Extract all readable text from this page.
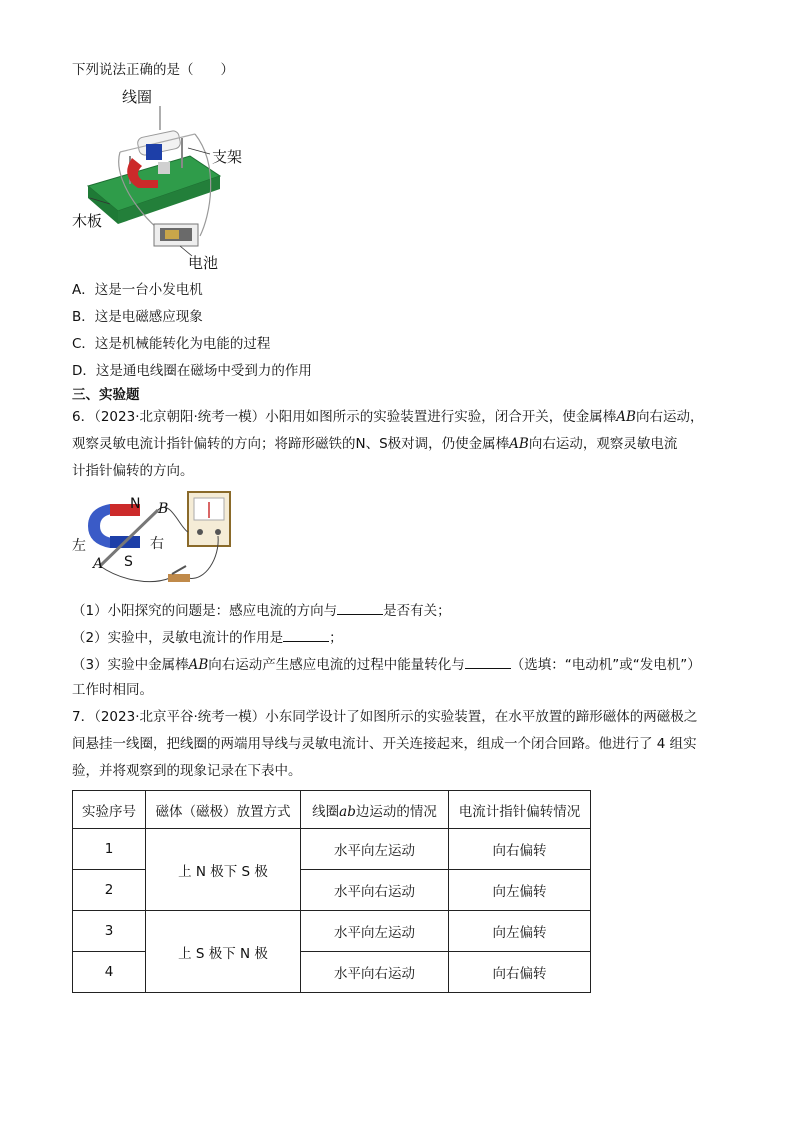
下列说法正确的是（　　）
线圈
支架
木板
电池
A．这是一台小发电机
B．这是电磁感应现象
C．这是机械能转化为电能的过程
D．这是通电线圈在磁场中受到力的作用
三、实验题
6．（2023·北京朝阳·统考一模）小阳用如图所示的实验装置进行实验，闭合开关，使金属棒AB向右运动，
观察灵敏电流计指针偏转的方向；将蹄形磁铁的N、S极对调，仍使金属棒AB向右运动，观察灵敏电流
计指针偏转的方向。
N
S
B
A
左	右
（1）小阳探究的问题是：感应电流的方向与	是否有关；
（2）实验中，灵敏电流计的作用是	；
（3）实验中金属棒AB向右运动产生感应电流的过程中能量转化与	（选填：“电动机”或“发电机”）
工作时相同。
7．（2023·北京平谷·统考一模）小东同学设计了如图所示的实验装置，在水平放置的蹄形磁体的两磁极之
间悬挂一线圈，把线圈的两端用导线与灵敏电流计、开关连接起来，组成一个闭合回路。他进行了 4 组实
验，并将观察到的现象记录在下表中。
实验序号	磁体（磁极）放置方式	线圈ab边运动的情况	电流计指针偏转情况
1	上 N 极下 S 极	水平向左运动	向右偏转
2		水平向右运动	向左偏转
3	上 S 极下 N 极	水平向左运动	向左偏转
4		水平向右运动	向右偏转
